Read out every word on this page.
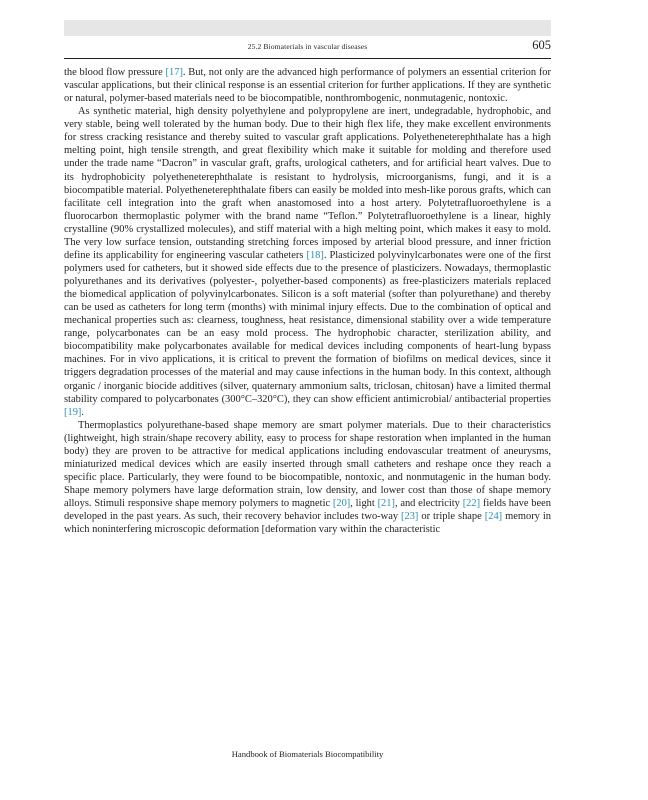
25.2 Biomaterials in vascular diseases	605

the blood flow pressure [17]. But, not only are the advanced high performance of polymers an essential criterion for vascular applications, but their clinical response is an essential criterion for further applications. If they are synthetic or natural, polymer-based materials need to be biocompatible, nonthrombogenic, nonmutagenic, nontoxic.

As synthetic material, high density polyethylene and polypropylene are inert, undegradable, hydrophobic, and very stable, being well tolerated by the human body. Due to their high flex life, they make excellent environments for stress cracking resistance and thereby suited to vascular graft applications. Polyetheneterephthalate has a high melting point, high tensile strength, and great flexibility which make it suitable for molding and therefore used under the trade name “Dacron” in vascular graft, grafts, urological catheters, and for artificial heart valves. Due to its hydrophobicity polyetheneterephthalate is resistant to hydrolysis, microorganisms, fungi, and it is a biocompatible material. Polyetheneterephthalate fibers can easily be molded into mesh-like porous grafts, which can facilitate cell integration into the graft when anastomosed into a host artery. Polytetrafluoroethylene is a fluorocarbon thermoplastic polymer with the brand name “Teflon.” Polytetrafluoroethylene is a linear, highly crystalline (90% crystallized molecules), and stiff material with a high melting point, which makes it easy to mold. The very low surface tension, outstanding stretching forces imposed by arterial blood pressure, and inner friction define its applicability for engineering vascular catheters [18]. Plasticized polyvinylcarbonates were one of the first polymers used for catheters, but it showed side effects due to the presence of plasticizers. Nowadays, thermoplastic polyurethanes and its derivatives (polyester-, polyether-based components) as free-plasticizers materials replaced the biomedical application of polyvinylcarbonates. Silicon is a soft material (softer than polyurethane) and thereby can be used as catheters for long term (months) with minimal injury effects. Due to the combination of optical and mechanical properties such as: clearness, toughness, heat resistance, dimensional stability over a wide temperature range, polycarbonates can be an easy mold process. The hydrophobic character, sterilization ability, and biocompatibility make polycarbonates available for medical devices including components of heart-lung bypass machines. For in vivo applications, it is critical to prevent the formation of biofilms on medical devices, since it triggers degradation processes of the material and may cause infections in the human body. In this context, although organic / inorganic biocide additives (silver, quaternary ammonium salts, triclosan, chitosan) have a limited thermal stability compared to polycarbonates (300°C–320°C), they can show efficient antimicrobial/ antibacterial properties [19].

Thermoplastics polyurethane-based shape memory are smart polymer materials. Due to their characteristics (lightweight, high strain/shape recovery ability, easy to process for shape restoration when implanted in the human body) they are proven to be attractive for medical applications including endovascular treatment of aneurysms, miniaturized medical devices which are easily inserted through small catheters and reshape once they reach a specific place. Particularly, they were found to be biocompatible, nontoxic, and nonmutagenic in the human body. Shape memory polymers have large deformation strain, low density, and lower cost than those of shape memory alloys. Stimuli responsive shape memory polymers to magnetic [20], light [21], and electricity [22] fields have been developed in the past years. As such, their recovery behavior includes two-way [23] or triple shape [24] memory in which noninterfering microscopic deformation [deformation vary within the characteristic

Handbook of Biomaterials Biocompatibility
